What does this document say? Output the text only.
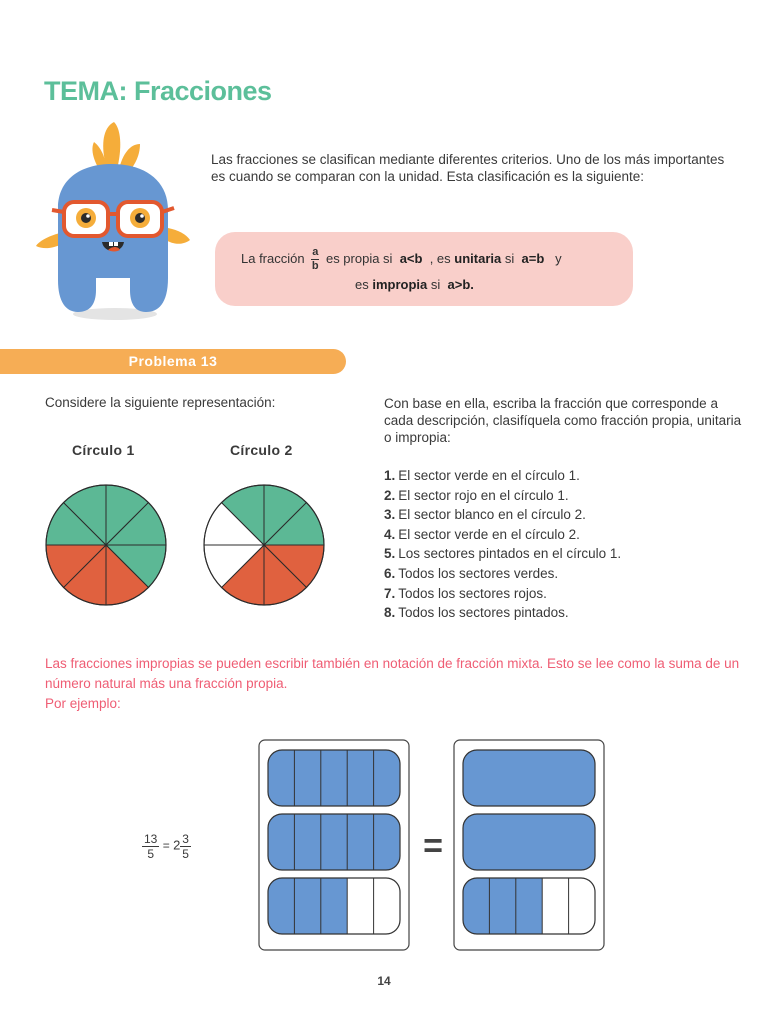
TEMA: Fracciones
Las fracciones se clasifican mediante diferentes criterios. Uno de los más importantes es cuando se comparan con la unidad. Esta clasificación es la siguiente:
La fracción $\frac{a}{b}$ es propia si a<b , es unitaria si a=b y
es impropia si a>b.
Problema 13
Considere la siguiente representación:
Círculo 1	Círculo 2
Con base en ella, escriba la fracción que corresponde a cada descripción, clasifíquela como fracción propia, unitaria o impropia:
1. El sector verde en el círculo 1.
2. El sector rojo en el círculo 1.
3. El sector blanco en el círculo 2.
4. El sector verde en el círculo 2.
5. Los sectores pintados en el círculo 1.
6. Todos los sectores verdes.
7. Todos los sectores rojos.
8. Todos los sectores pintados.
Las fracciones impropias se pueden escribir también en notación de fracción mixta. Esto se lee como la suma de un número natural más una fracción propia.
Por ejemplo:
$\frac{13}{5} = 2 \frac{3}{5}$	=
14
